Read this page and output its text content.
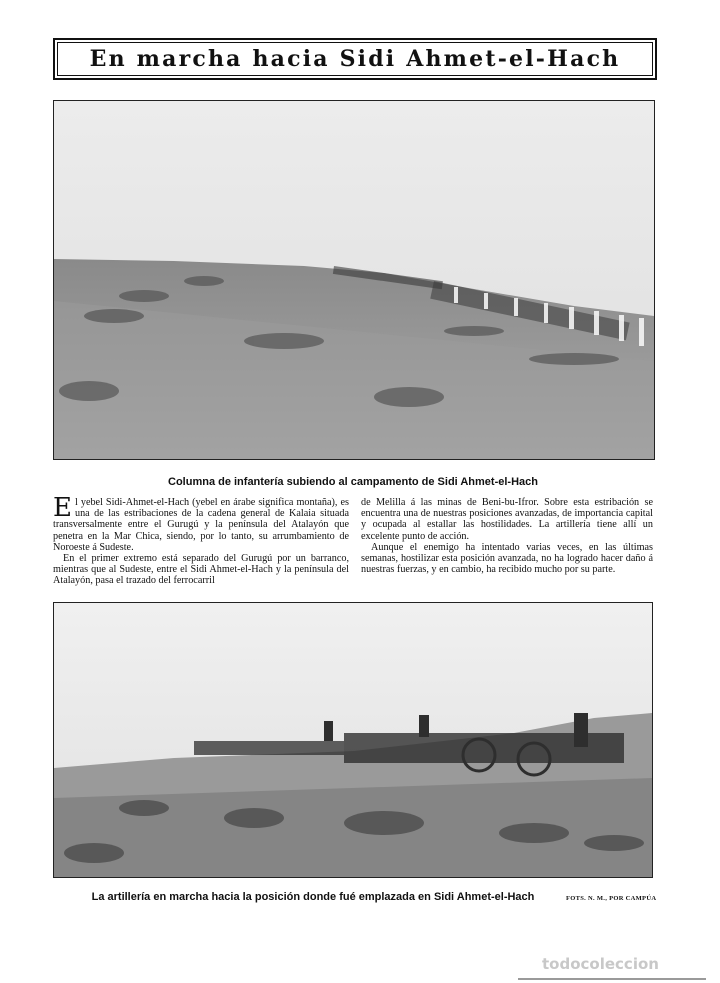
En marcha hacia Sidi Ahmet-el-Hach
Columna de infantería subiendo al campamento de Sidi Ahmet-el-Hach

El yebel Sidi-Ahmet-el-Hach (yebel en árabe significa montaña), es una de las estribaciones de la cadena general de Kalaia situada transversalmente entre el Gurugú y la península del Atalayón que penetra en la Mar Chica, siendo, por lo tanto, su arrumbamiento de Noroeste á Sudeste.

En el primer extremo está separado del Gurugú por un barranco, mientras que al Sudeste, entre el Sidi Ahmet-el-Hach y la península del Atalayón, pasa el trazado del ferrocarril

de Melilla á las minas de Beni-bu-Ifror. Sobre esta estribación se encuentra una de nuestras posiciones avanzadas, de importancia capital y ocupada al estallar las hostilidades. La artillería tiene allí un excelente punto de acción.

Aunque el enemigo ha intentado varias veces, en las últimas semanas, hostilizar esta posición avanzada, no ha logrado hacer daño á nuestras fuerzas, y en cambio, ha recibido mucho por su parte.

La artillería en marcha hacia la posición donde fué emplazada en Sidi Ahmet-el-Hach	FOTS. N. M., POR CAMPÚA
todocoleccion
